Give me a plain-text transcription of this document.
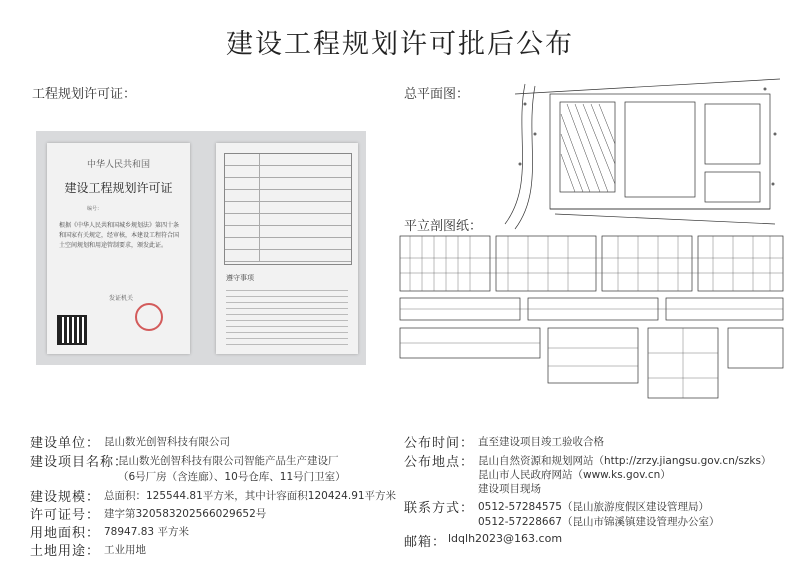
建设工程规划许可批后公布
工程规划许可证：	总平面图：
平立剖图纸：
中华人民共和国
建设工程规划许可证
编号：
根据《中华人民共和国城乡规划法》第四十条和国家有关规定，经审核，本建设工程符合国土空间规划和用途管制要求，颁发此证。
发证机关
遵守事项
建设单位： 昆山数光创智科技有限公司
建设项目名称：
昆山数光创智科技有限公司智能产品生产建设厂
（6号厂房（含连廊）、10号仓库、11号门卫室）
建设规模： 总面积：125544.81平方米，其中计容面积120424.91平方米
许可证号： 建字第320583202566029652号
用地面积： 78947.83 平方米
土地用途： 工业用地
公布时间： 直至建设项目竣工验收合格
公布地点： 昆山自然资源和规划网站（http://zrzy.jiangsu.gov.cn/szks）
昆山市人民政府网站（www.ks.gov.cn）
建设项目现场
联系方式： 0512-57284575（昆山旅游度假区建设管理局）
0512-57228667（昆山市锦溪镇建设管理办公室）
邮箱： ldqlh2023@163.com
